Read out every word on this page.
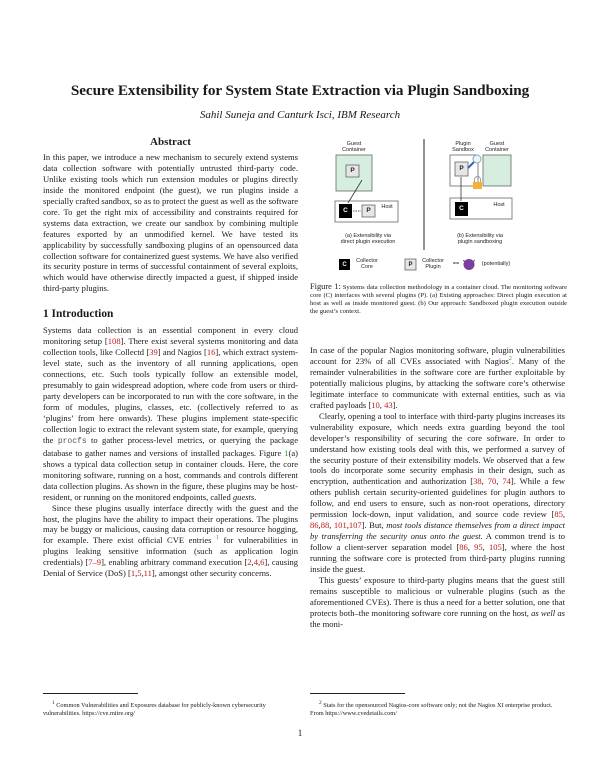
Secure Extensibility for System State Extraction via Plugin Sandboxing
Sahil Suneja and Canturk Isci, IBM Research
Abstract

In this paper, we introduce a new mechanism to securely extend systems data collection software with potentially untrusted third-party code. Unlike existing tools which run extension modules or plugins directly inside the monitored endpoint (the guest), we run plugins inside a specially crafted sandbox, so as to protect the guest as well as the software core. To get the right mix of accessibility and constraints required for systems data extraction, we create our sandbox by combining multiple features exported by an unmodified kernel. We have tested its applicability by successfully sandboxing plugins of an opensourced data collection software for containerized guest systems. We have also verified its security posture in terms of successful containment of several exploits, which would have otherwise directly impacted a guest, if shipped inside third-party plugins.

1 Introduction

Systems data collection is an essential component in every cloud monitoring setup [108]. There exist several systems monitoring and data collection tools, like Collectd [39] and Nagios [16], which extract system-level state, such as the inventory of all running applications, open connections, etc. Such tools typically follow an extensible model, presumably to gain widespread adoption, where code from users or third-party developers can be incorporated to run with the core software, in the form of modules, plugins, classes, etc. (collectively referred to as ‘plugins’ from here onwards). These plugins implement state-specific collection logic to extract the relevant system state, for example, querying the procfs to gather process-level metrics, or querying the package database to gather names and versions of installed packages. Figure 1(a) shows a typical data collection setup in container clouds. Here, the core monitoring software, running on a host, commands and controls different data collection plugins. As shown in the figure, these plugins may be host-resident, or running on the monitored endpoints, called guests.

Since these plugins usually interface directly with the guest and the host, the plugins have the ability to impact their operations. The plugins may be buggy or malicious, causing data corruption or resource hogging, for example. There exist official CVE entries $^1$ for vulnerabilities in plugins leaking sensitive information (such as application login credentials) [7–9], enabling arbitrary command execution [2,4,6], causing Denial of Service (DoS) [1,5,11], amongst other security concerns.

$^1$ Common Vulnerabilities and Exposures database for publicly-known cybersecurity vulnerabilities. https://cve.mitre.org/

Guest
Container
P
C	P	Host
(a) Extensibility via
direct plugin execution
Plugin
Sandbox
Guest
Container
P
C	Host
(b) Extensibility via
plugin sandboxing
C
Collector
Core	P
Collector
Plugin	==	(potentially)
Figure 1: Systems data collection methodology in a container cloud. The monitoring software core (C) interfaces with several plugins (P). (a) Existing approaches: Direct plugin execution at host as well as inside monitored guest. (b) Our approach: Sandboxed plugin execution outside the guest’s context.

In case of the popular Nagios monitoring software, plugin vulnerabilities account for 23% of all CVEs associated with Nagios$^2$. Many of the remainder vulnerabilities in the software core are further exploitable by potentially malicious plugins, by attacking the software core’s otherwise legitimate interface to communicate with external entities, such as via crafted payloads [10, 43].

Clearly, opening a tool to interface with third-party plugins increases its vulnerability exposure, which needs extra guarding beyond the tool developer’s responsibility of securing the core software. In order to understand how existing tools deal with this, we performed a survey of the security posture of their extensibility models. We observed that a few tools do incorporate some security emphasis in their design, such as encryption, authentication and authorization [38, 70, 74]. While a few others publish certain security-oriented guidelines for plugin authors to follow, and end users to ensure, such as non-root operations, directory permission lock-down, input validation, and source code review [85, 86,88, 101,107]. But, most tools distance themselves from a direct impact by transferring the security onus onto the guest. A common trend is to follow a client-server separation model [86, 95, 105], where the host running the software core is protected from third-party plugins running inside the guest.

This guests’ exposure to third-party plugins means that the guest still remains susceptible to malicious or vulnerable plugins (such as the aforementioned CVEs). There is thus a need for a better solution, one that protects both–the monitoring software core running on the host, as well as the moni-

$^2$ Stats for the opensourced Nagios-core software only; not the Nagios XI enterprise product. From https://www.cvedetails.com/

1
